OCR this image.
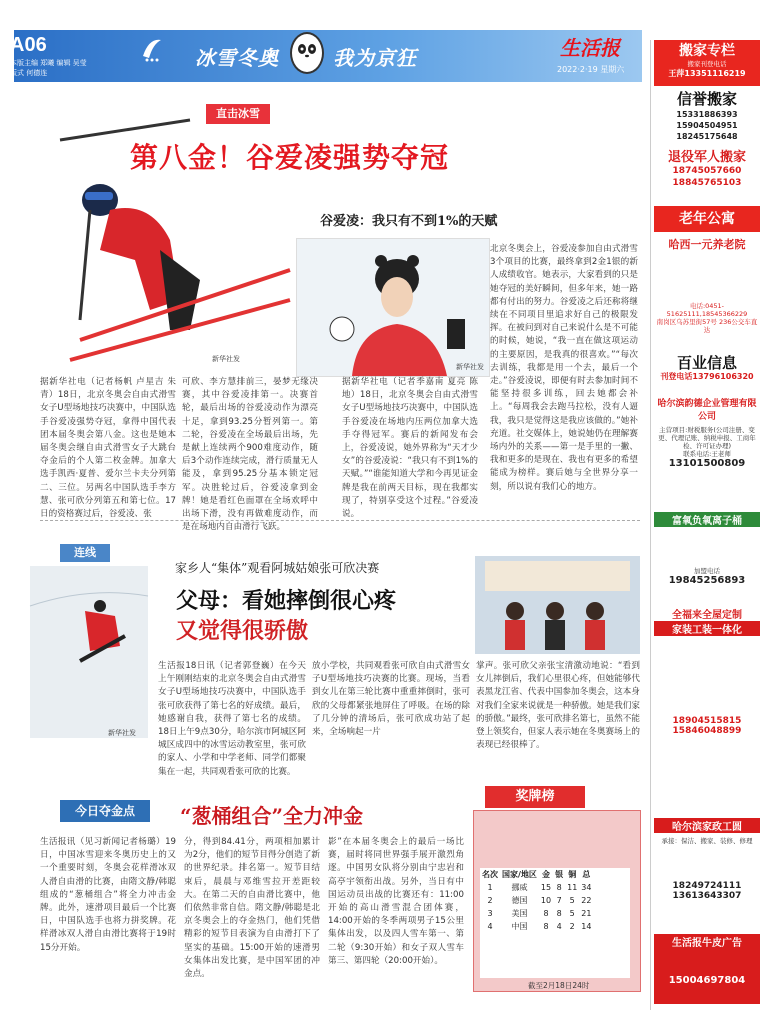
A06
本版主编 郑曦 编辑 吴莹
版式 何德连
冰雪冬奥	我为京狂	生活报
2022·2·19 星期六
新华社发
直击冰雪
第八金！谷爱凌强势夺冠
谷爱凌：我只有不到1%的天赋
新华社发
据新华社电（记者杨帆 卢星吉 朱青）18日，北京冬奥会自由式滑雪女子U型场地技巧决赛中，中国队选手谷爱凌强势夺冠，拿得中国代表团本届冬奥会第八金。这也是她本届冬奥会继自由式滑雪女子大跳台夺金后的个人第二枚金牌。加拿大选手凯西·夏普、爱尔兰卡夫分列第二、三位。另两名中国队选手李方慧、张可欣分列第五和第七位。17日的资格赛过后，谷爱凌、张
可欣、李方慧排前三，晏梦无缘决赛，其中谷爱凌排第一。决赛首轮，最后出场的谷爱凌动作为漂亮十足，拿到93.25分暂列第一。第二轮，谷爱凌在全场最后出场，先是献上连续两个900难度动作，随后3个动作连续完成，滑行质量无人能及，拿到95.25分基本锁定冠军。决胜轮过后，谷爱凌拿到金牌！她是看红色面罩在全场欢呼中出场下滑，没有再做难度动作，而是在场地内自由滑行飞跃。
据新华社电（记者季嘉南 夏亮 陈地）18日，北京冬奥会自由式滑雪女子U型场地技巧决赛中，中国队选手谷爱凌在场地内压两位加拿大选手夺得冠军。赛后的新闻发布会上，谷爱凌说，她外界称为“天才少女”的谷爱凌说：“我只有不到1%的天赋。”“谁能知道大学和今再见证金牌是我在前两天目标，现在我都实现了，特别享受这个过程。”谷爱凌说。
北京冬奥会上，谷爱凌参加自由式滑雪3个项目的比赛，最终拿到2金1银的新人成绩收官。她表示，大家看到的只是她夺冠的美好瞬间，但多年来，她一路都有付出的努力。谷爱凌之后还称将继续在不同项目里追求好自己的极限发挥。在被问到对自己来说什么是不可能的时候，她说，“我一直在做这项运动的主要原因，是我真的很喜欢。”“每次去训练，我都是用一个去，最后一个走。”谷爱凌说，即便有时去参加时间不能坚持很多训练，回去她都会补上。“每周我会去跑马拉松，没有人逼我，我只是觉得这是我应该做的。”她补充道。社交媒体上，她说她仍在理解赛场内外的关系——第一是手里的一撇、我和更多的是现在、我也有更多的希望能成为榜样。赛后她与全世界分享一刻，所以说有我们心的地方。
连线
新华社发
家乡人“集体”观看阿城姑娘张可欣决赛
父母：看她摔倒很心疼
又觉得很骄傲
生活报18日讯（记者郭登巍）在今天上午刚刚结束的北京冬奥会自由式滑雪女子U型场地技巧决赛中，中国队选手张可欣获得了第七名的好成绩。最后，她感谢自我，获得了第七名的成绩。18日上午9点30分，哈尔滨市阿城区阿城区成四中的冰雪运动教室里，张可欣的家人、小学和中学老师、同学们都聚集在一起，共同观看张可欣的比赛。
放小学校，共同观看张可欣自由式滑雪女子U型场地技巧决赛的比赛。现场，当看到女儿在第三轮比赛中重重摔倒时，张可欣的父母都紧张地屏住了呼吸。在场的除了几分钟的清场后，张可欣成功站了起来，全场响起一片
掌声。张可欣父亲张宝清激动地说：“看到女儿摔倒后，我们心里很心疼，但她能够代表黑龙江省、代表中国参加冬奥会，这本身对我们全家来说就是一种骄傲。她是我们家的骄傲。”最终，张可欣排名第七，虽然不能登上领奖台，但家人表示她在冬奥赛场上的表现已经很棒了。
今日夺金点	“葱桶组合”全力冲金
生活报讯（见习新闻记者杨璐）19日，中国冰雪迎来冬奥历史上的又一个重要时刻，冬奥会花样滑冰双人滑自由滑的比赛，由隋文静/韩聪组成的“葱桶组合”将全力冲击金牌。此外，速滑项目最后一个比赛日，中国队选手也将力拼奖牌。花样滑冰双人滑自由滑比赛将于19时15分开始。
分，得到84.41分，两项相加累计为2分，他们的短节目得分创造了新的世界纪录。排名第一。短节目结束后，晨晨与邓维雪拉开差距较大。在第二天的自由滑比赛中，他们依然非常自信。隋文静/韩聪是北京冬奥会上的夺金热门，他们凭借精彩的短节目表演为自由滑打下了坚实的基础。15:00开始的速滑男女集体出发比赛，是中国军团的冲金点。
影”在本届冬奥会上的最后一场比赛，届时将同世界强手展开激烈角逐。中国男女队将分别由宁忠岩和高亭宇领衔出战。另外，当日有中国运动员出战的比赛还有：11:00开始的高山滑雪混合团体赛，14:00开始的冬季两项男子15公里集体出发，以及四人雪车第一、第二轮（9:30开始）和女子双人雪车第三、第四轮（20:00开始）。
奖牌榜
名次	国家/地区	金	银	铜	总
1	挪威	15	8	11	34
2	德国	10	7	5	22
3	美国	8	8	5	21
4	中国	8	4	2	14
截至2月18日24时
搬家专栏
搬家刊登电话
王萍13351116219
信誉搬家
15331886393 15904504951 18245175648
退役军人搬家
18745057660 18845765103
老年公寓
哈西一元养老院
电话:0451-51625111,18545366229
南岗区乌苏里街57号 236公交车直达
百业信息
刊登电话13796106320
哈尔滨韵德企业管理有限公司
主营项目:财税服务(公司注册、变更、代理记账、纳税申报、工商年检、许可证办理)
联系电话:王老师
13101500809
富氧负氧离子桶
加盟电话
19845256893
全福来全屋定制
家装工装一体化
18904515815 15846048899
哈尔滨家政工圆
承接：保洁、搬家、装修、修理
18249724111 13613643307
生活报牛皮广告
15004697804
